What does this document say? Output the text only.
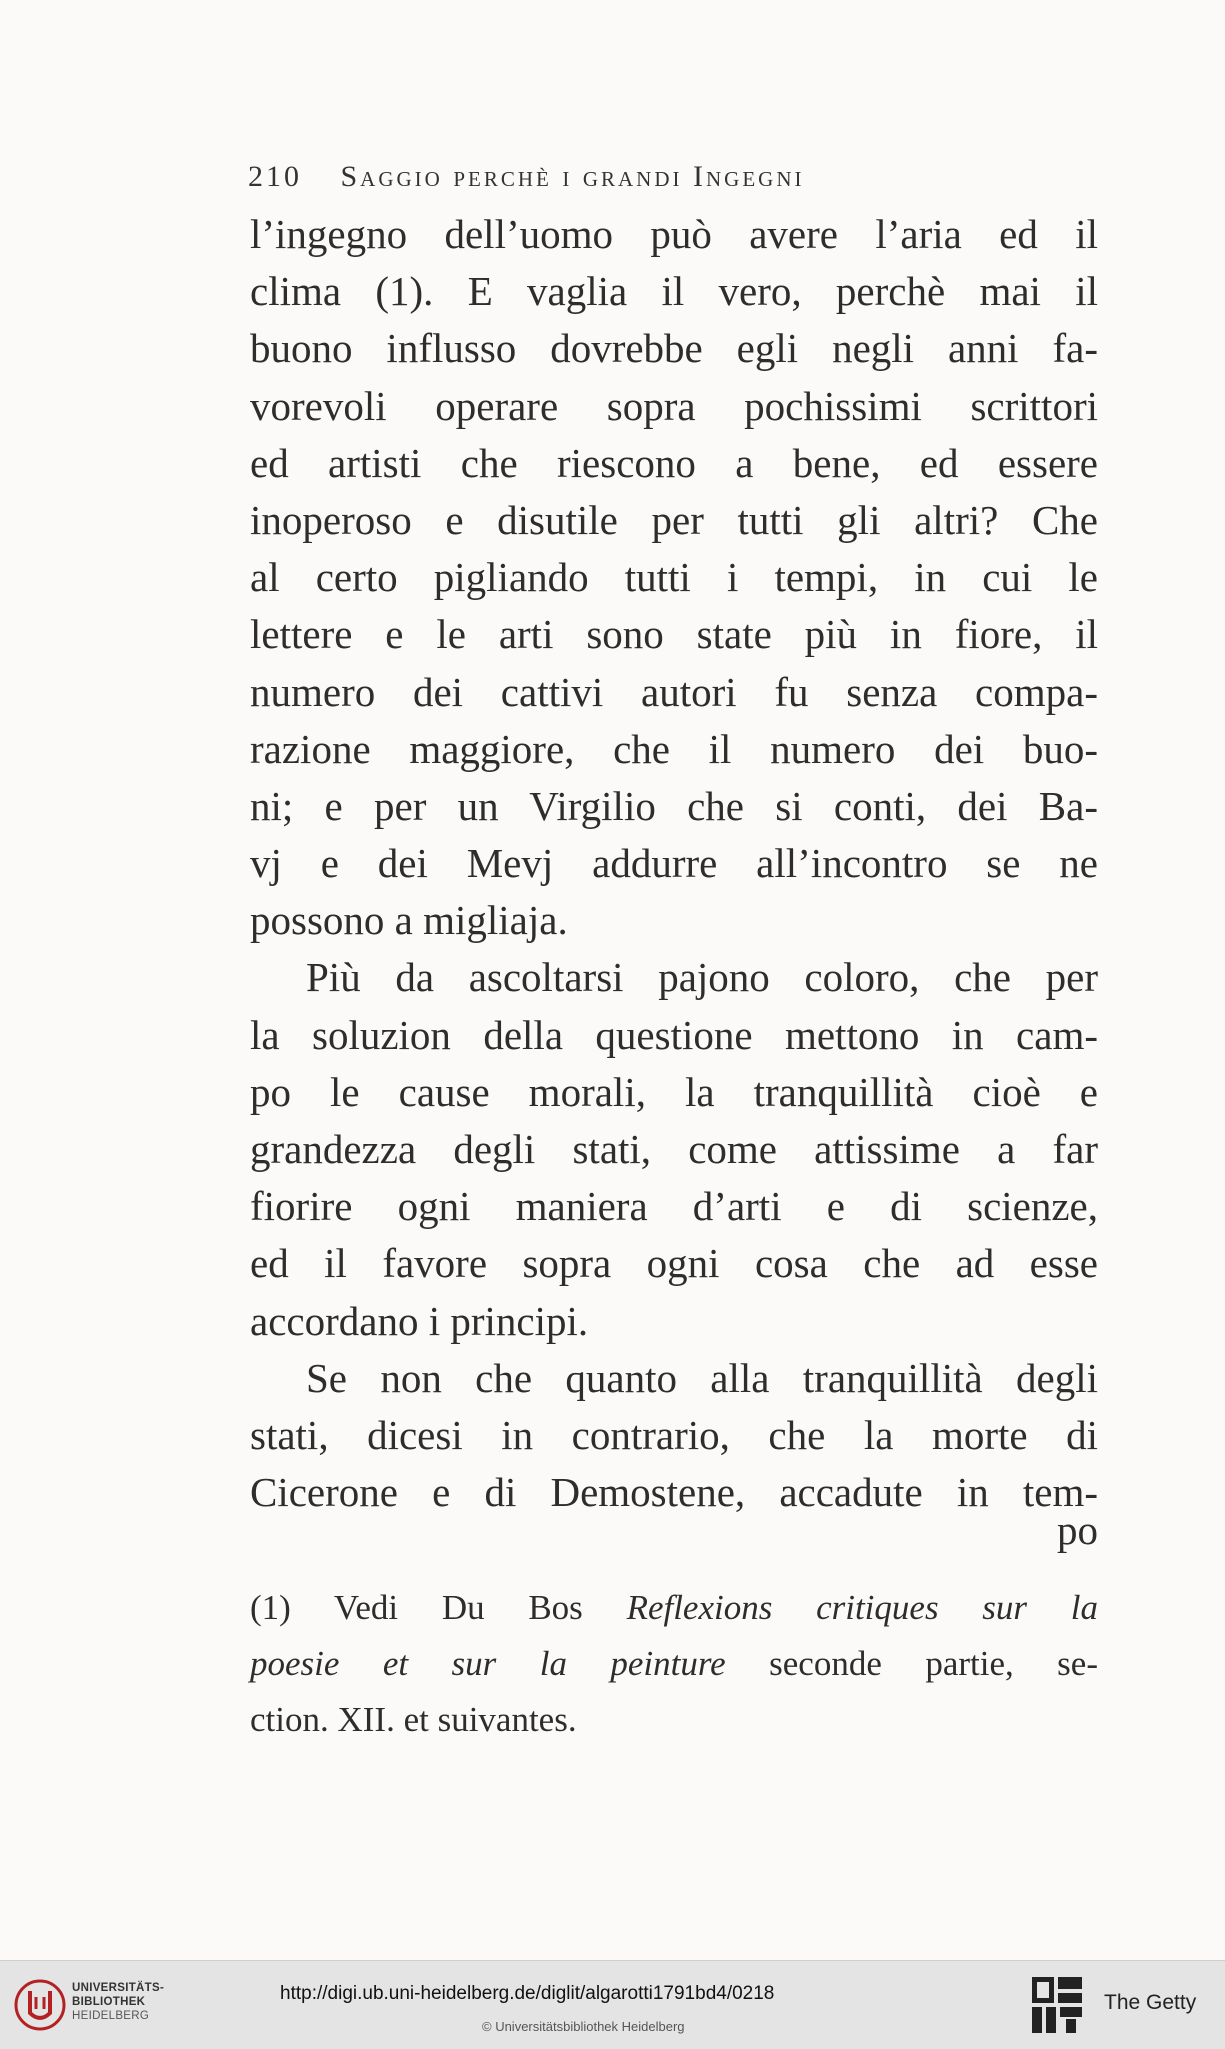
210 Saggio perchè i grandi Ingegni
l’ingegno dell’uomo può avere l’aria ed il
clima (1). E vaglia il vero, perchè mai il
buono influsso dovrebbe egli negli anni fa-
vorevoli operare sopra pochissimi scrittori
ed artisti che riescono a bene, ed essere
inoperoso e disutile per tutti gli altri? Che
al certo pigliando tutti i tempi, in cui le
lettere e le arti sono state più in fiore, il
numero dei cattivi autori fu senza compa-
razione maggiore, che il numero dei buo-
ni; e per un Virgilio che si conti, dei Ba-
vj e dei Mevj addurre all’incontro se ne
possono a migliaja.
Più da ascoltarsi pajono coloro, che per
la soluzion della questione mettono in cam-
po le cause morali, la tranquillità cioè e
grandezza degli stati, come attissime a far
fiorire ogni maniera d’arti e di scienze,
ed il favore sopra ogni cosa che ad esse
accordano i principi.
Se non che quanto alla tranquillità degli
stati, dicesi in contrario, che la morte di
Cicerone e di Demostene, accadute in tem-
po
(1) Vedi Du Bos Reflexions critiques sur la
poesie et sur la peinture seconde partie, se-
ction. XII. et suivantes.
UNIVERSITÄTS-
BIBLIOTHEK
HEIDELBERG
http://digi.ub.uni-heidelberg.de/diglit/algarotti1791bd4/0218
© Universitätsbibliothek Heidelberg
The Getty
